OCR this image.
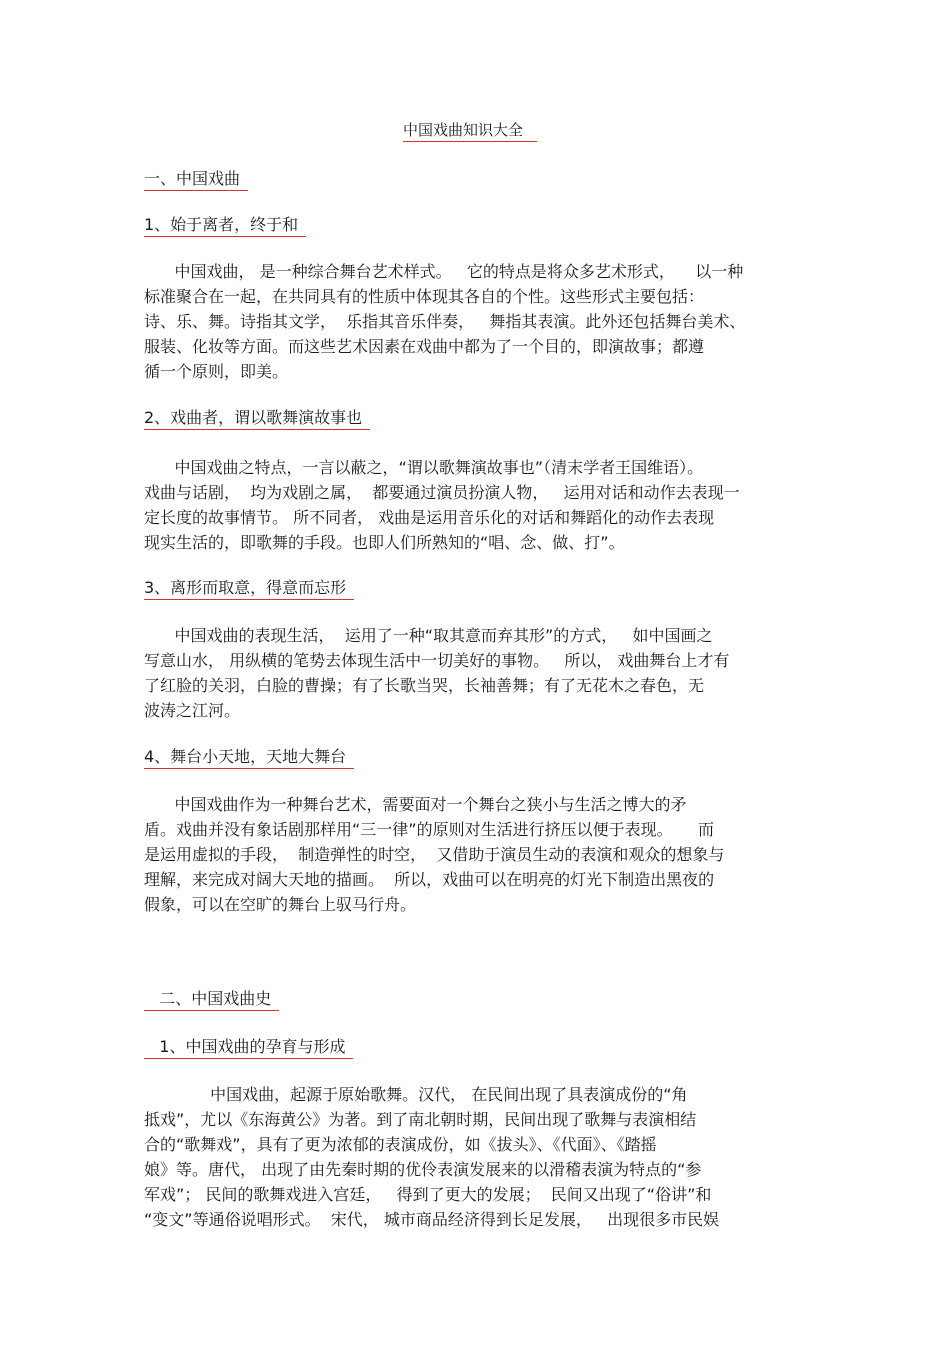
中国戏曲知识大全
一、中国戏曲
1、始于离者，终于和

中国戏曲， 是一种综合舞台艺术样式。   它的特点是将众多艺术形式，    以一种
标准聚合在一起，在共同具有的性质中体现其各自的个性。这些形式主要包括：
诗、乐、舞。诗指其文学，  乐指其音乐伴奏，   舞指其表演。此外还包括舞台美术、
服装、化妆等方面。而这些艺术因素在戏曲中都为了一个目的，即演故事；都遵
循一个原则，即美。

2、戏曲者，谓以歌舞演故事也

中国戏曲之特点，一言以蔽之，“谓以歌舞演故事也”（清末学者王国维语）。
戏曲与话剧，  均为戏剧之属，  都要通过演员扮演人物，   运用对话和动作去表现一
定长度的故事情节。 所不同者， 戏曲是运用音乐化的对话和舞蹈化的动作去表现
现实生活的，即歌舞的手段。也即人们所熟知的“唱、念、做、打”。

3、离形而取意，得意而忘形

中国戏曲的表现生活，  运用了一种“取其意而弃其形”的方式，   如中国画之
写意山水， 用纵横的笔势去体现生活中一切美好的事物。   所以， 戏曲舞台上才有
了红脸的关羽，白脸的曹操；有了长歌当哭，长袖善舞；有了无花木之春色，无
波涛之江河。

4、舞台小天地，天地大舞台

中国戏曲作为一种舞台艺术，需要面对一个舞台之狭小与生活之博大的矛
盾。戏曲并没有象话剧那样用“三一律”的原则对生活进行挤压以便于表现。     而
是运用虚拟的手段，  制造弹性的时空，  又借助于演员生动的表演和观众的想象与
理解，来完成对阔大天地的描画。  所以，戏曲可以在明亮的灯光下制造出黑夜的
假象，可以在空旷的舞台上驭马行舟。

二、中国戏曲史
1、中国戏曲的孕育与形成

中国戏曲，起源于原始歌舞。汉代， 在民间出现了具表演成份的“角
抵戏”，尤以《东海黄公》为著。到了南北朝时期，民间出现了歌舞与表演相结
合的“歌舞戏”，具有了更为浓郁的表演成份，如《拔头》、《代面》、《踏摇
娘》等。唐代， 出现了由先秦时期的优伶表演发展来的以滑稽表演为特点的“参
军戏”； 民间的歌舞戏进入宫廷，   得到了更大的发展；  民间又出现了“俗讲”和
“变文”等通俗说唱形式。  宋代， 城市商品经济得到长足发展，   出现很多市民娱
